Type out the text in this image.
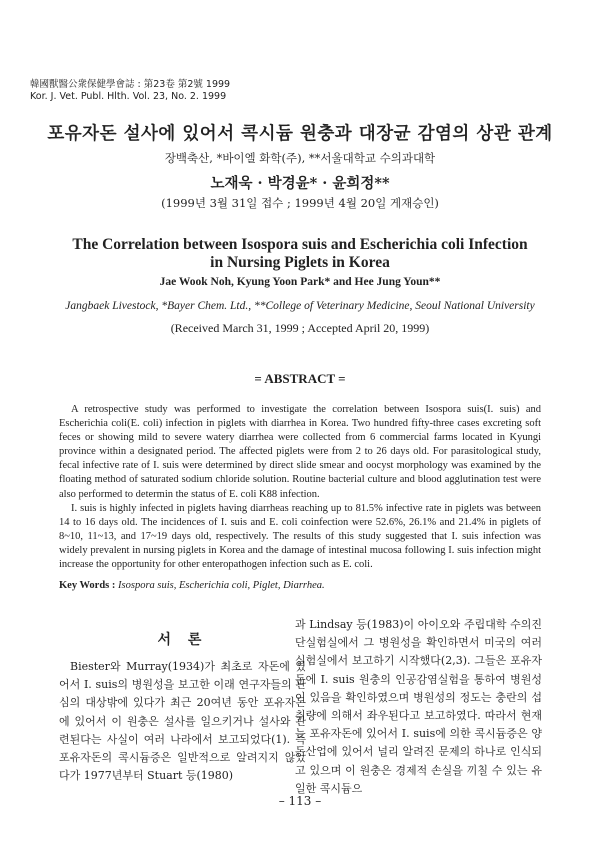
韓國獸醫公衆保健學會誌 : 第23卷 第2號 1999
Kor. J. Vet. Publ. Hlth. Vol. 23, No. 2. 1999
포유자돈 설사에 있어서 콕시듐 원충과 대장균 감염의 상관 관계
장백축산, *바이엘 화학(주), **서울대학교 수의과대학
노재욱 · 박경윤* · 윤희정**
(1999년 3월 31일 접수 ; 1999년 4월 20일 게재승인)
The Correlation between Isospora suis and Escherichia coli Infection
in Nursing Piglets in Korea
Jae Wook Noh, Kyung Yoon Park* and Hee Jung Youn**
Jangbaek Livestock, *Bayer Chem. Ltd., **College of Veterinary Medicine, Seoul National University
(Received March 31, 1999 ; Accepted April 20, 1999)
= ABSTRACT =

A retrospective study was performed to investigate the correlation between Isospora suis(I. suis) and Escherichia coli(E. coli) infection in piglets with diarrhea in Korea. Two hundred fifty-three cases excreting soft feces or showing mild to severe watery diarrhea were collected from 6 commercial farms located in Kyungi province within a designated period. The affected piglets were from 2 to 26 days old. For parasitological study, fecal infective rate of I. suis were determined by direct slide smear and oocyst morphology was examined by the floating method of saturated sodium chloride solution. Routine bacterial culture and blood agglutination test were also performed to determin the status of E. coli K88 infection.

I. suis is highly infected in piglets having diarrheas reaching up to 81.5% infective rate in piglets was between 14 to 16 days old. The incidences of I. suis and E. coli coinfection were 52.6%, 26.1% and 21.4% in piglets of 8~10, 11~13, and 17~19 days old, respectively. The results of this study suggested that I. suis infection was widely prevalent in nursing piglets in Korea and the damage of intestinal mucosa following I. suis infection might increase the opportunity for other enteropathogen infection such as E. coli.

Key Words : Isospora suis, Escherichia coli, Piglet, Diarrhea.
서 론

Biester와 Murray(1934)가 최초로 자돈에 있어서 I. suis의 병원성을 보고한 이래 연구자들의 관심의 대상밖에 있다가 최근 20여년 동안 포유자돈에 있어서 이 원충은 설사를 일으키거나 설사와 관련된다는 사실이 여러 나라에서 보고되었다(1). 즉 포유자돈의 콕시듐증은 일반적으로 알려지지 않았다가 1977년부터 Stuart 등(1980)

과 Lindsay 등(1983)이 아이오와 주립대학 수의진단실험실에서 그 병원성을 확인하면서 미국의 여러 실험실에서 보고하기 시작했다(2,3). 그들은 포유자돈에 I. suis 원충의 인공감염실험을 통하여 병원성이 있음을 확인하였으며 병원성의 정도는 충란의 섭취량에 의해서 좌우된다고 보고하였다. 따라서 현재는 포유자돈에 있어서 I. suis에 의한 콕시듐증은 양돈산업에 있어서 널리 알려진 문제의 하나로 인식되고 있으며 이 원충은 경제적 손실을 끼칠 수 있는 유일한 콕시듐으

– 113 –
